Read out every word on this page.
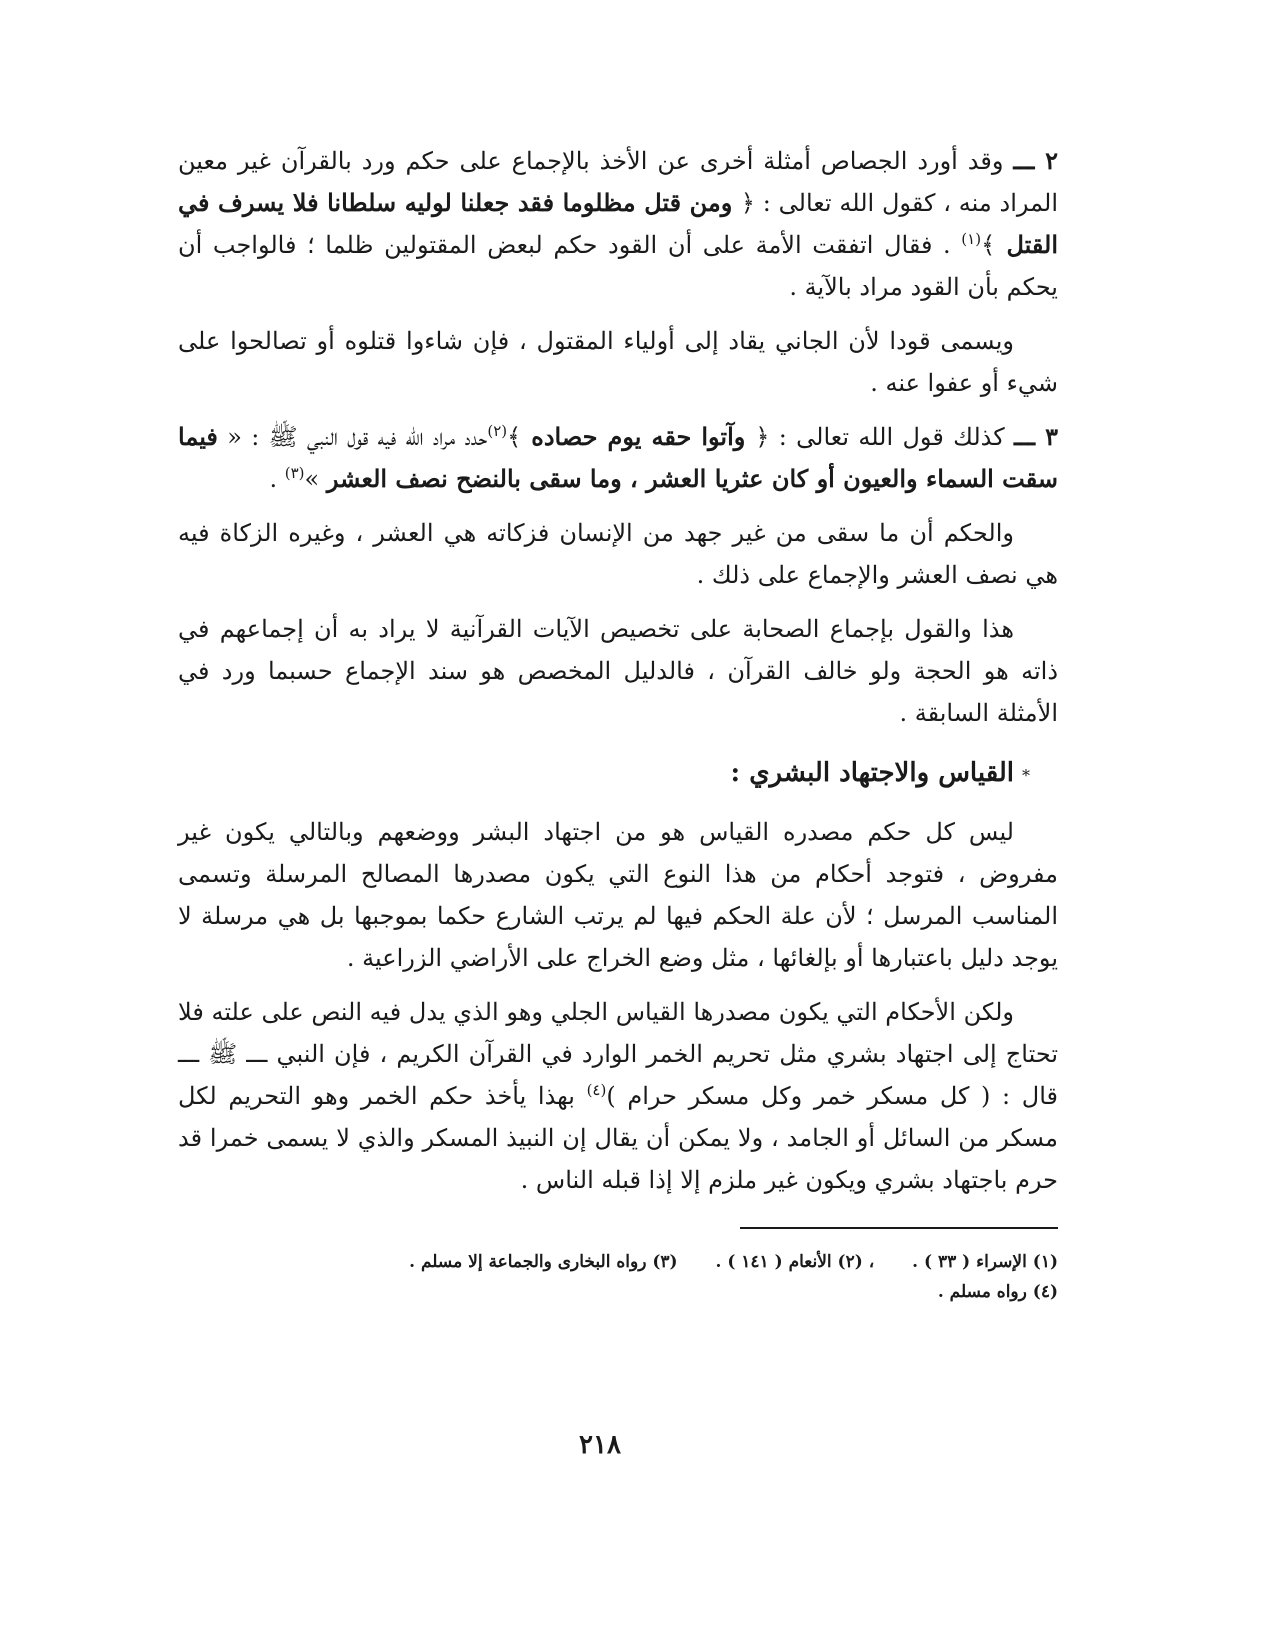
٢ ـــ وقد أورد الجصاص أمثلة أخرى عن الأخذ بالإجماع على حكم ورد بالقرآن غير معين المراد منه ، كقول الله تعالى : ﴿ ومن قتل مظلوما فقد جعلنا لوليه سلطانا فلا يسرف في القتل ﴾$^{(١)}$ . فقال اتفقت الأمة على أن القود حكم لبعض المقتولين ظلما ؛ فالواجب أن يحكم بأن القود مراد بالآية .

ويسمى قودا لأن الجاني يقاد إلى أولياء المقتول ، فإن شاءوا قتلوه أو تصالحوا على شيء أو عفوا عنه .

٣ ـــ كذلك قول الله تعالى : ﴿ وآتوا حقه يوم حصاده ﴾$^{(٢)}$حدد مراد الله فيه قول النبي ﷺ : « فيما سقت السماء والعيون أو كان عثريا العشر ، وما سقى بالنضح نصف العشر »$^{(٣)}$ .

والحكم أن ما سقى من غير جهد من الإنسان فزكاته هي العشر ، وغيره الزكاة فيه هي نصف العشر والإجماع على ذلك .

هذا والقول بإجماع الصحابة على تخصيص الآيات القرآنية لا يراد به أن إجماعهم في ذاته هو الحجة ولو خالف القرآن ، فالدليل المخصص هو سند الإجماع حسبما ورد في الأمثلة السابقة .

*القياس والاجتهاد البشري :

ليس كل حكم مصدره القياس هو من اجتهاد البشر ووضعهم وبالتالي يكون غير مفروض ، فتوجد أحكام من هذا النوع التي يكون مصدرها المصالح المرسلة وتسمى المناسب المرسل ؛ لأن علة الحكم فيها لم يرتب الشارع حكما بموجبها بل هي مرسلة لا يوجد دليل باعتبارها أو بإلغائها ، مثل وضع الخراج على الأراضي الزراعية .

ولكن الأحكام التي يكون مصدرها القياس الجلي وهو الذي يدل فيه النص على علته فلا تحتاج إلى اجتهاد بشري مثل تحريم الخمر الوارد في القرآن الكريم ، فإن النبي ـــ ﷺ ـــ قال : ( كل مسكر خمر وكل مسكر حرام )$^{(٤)}$ بهذا يأخذ حكم الخمر وهو التحريم لكل مسكر من السائل أو الجامد ، ولا يمكن أن يقال إن النبيذ المسكر والذي لا يسمى خمرا قد حرم باجتهاد بشري ويكون غير ملزم إلا إذا قبله الناس .

(١) الإسراء ( ٣٣ ) . ، (٢) الأنعام ( ١٤١ ) . (٣) رواه البخارى والجماعة إلا مسلم .
(٤) رواه مسلم .
٢١٨
